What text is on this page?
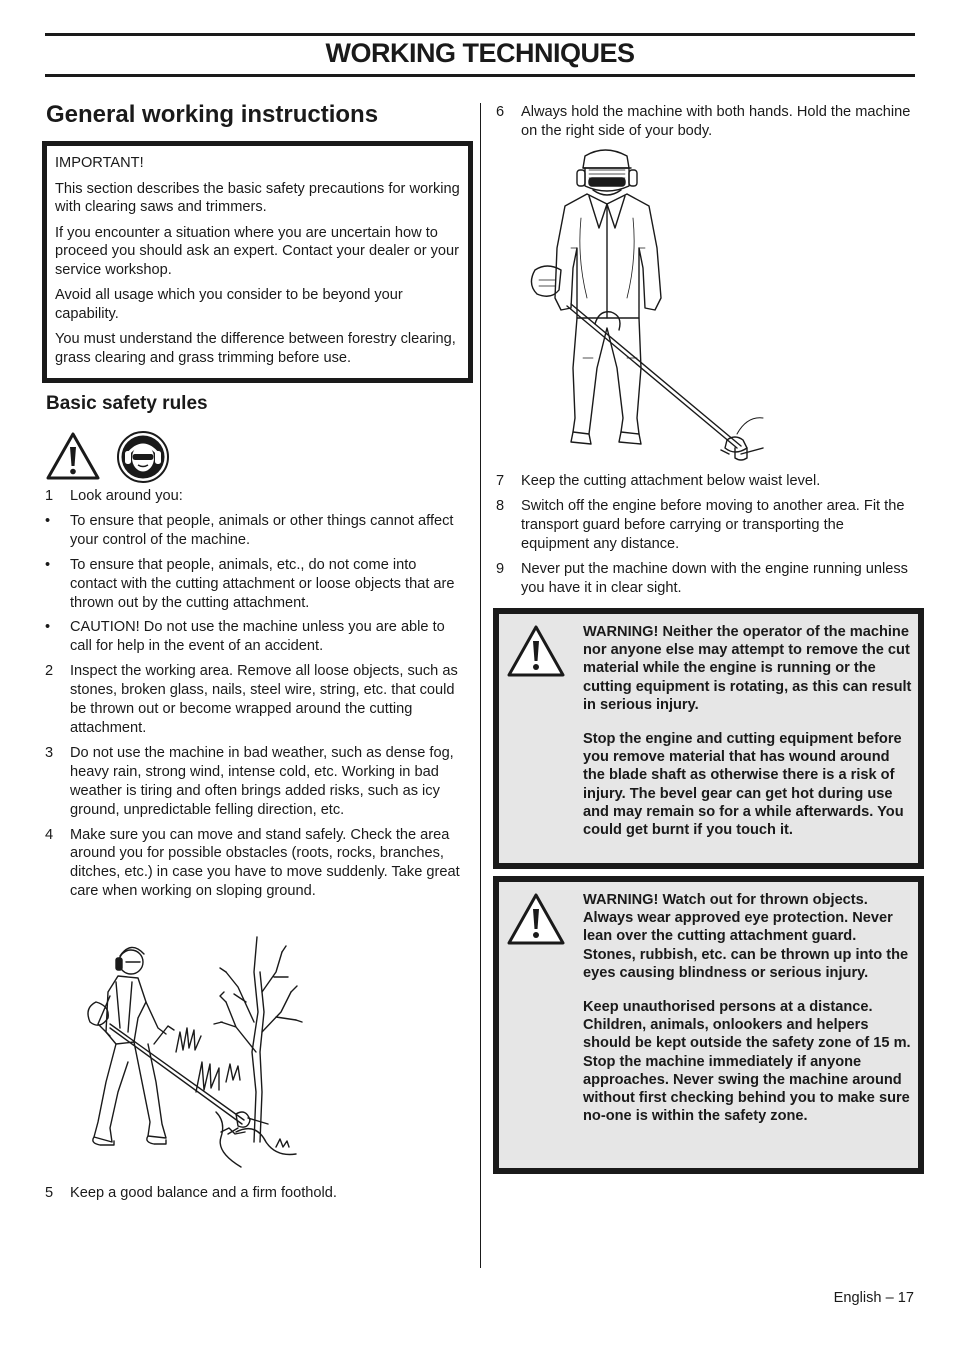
WORKING TECHNIQUES
General working instructions

IMPORTANT!

This section describes the basic safety precautions for working with clearing saws and trimmers.

If you encounter a situation where you are uncertain how to proceed you should ask an expert. Contact your dealer or your service workshop.

Avoid all usage which you consider to be beyond your capability.

You must understand the difference between forestry clearing, grass clearing and grass trimming before use.

Basic safety rules
1	Look around you:
•	To ensure that people, animals or other things cannot affect your control of the machine.
•	To ensure that people, animals, etc., do not come into contact with the cutting attachment or loose objects that are thrown out by the cutting attachment.
•	CAUTION! Do not use the machine unless you are able to call for help in the event of an accident.
2	Inspect the working area. Remove all loose objects, such as stones, broken glass, nails, steel wire, string, etc. that could be thrown out or become wrapped around the cutting attachment.
3	Do not use the machine in bad weather, such as dense fog, heavy rain, strong wind, intense cold, etc. Working in bad weather is tiring and often brings added risks, such as icy ground, unpredictable felling direction, etc.
4	Make sure you can move and stand safely. Check the area around you for possible obstacles (roots, rocks, branches, ditches, etc.) in case you have to move suddenly. Take great care when working on sloping ground.
5	Keep a good balance and a firm foothold.
6	Always hold the machine with both hands. Hold the machine on the right side of your body.
7	Keep the cutting attachment below waist level.
8	Switch off the engine before moving to another area. Fit the transport guard before carrying or transporting the equipment any distance.
9	Never put the machine down with the engine running unless you have it in clear sight.

WARNING! Neither the operator of the machine nor anyone else may attempt to remove the cut material while the engine is running or the cutting equipment is rotating, as this can result in serious injury.

Stop the engine and cutting equipment before you remove material that has wound around the blade shaft as otherwise there is a risk of injury. The bevel gear can get hot during use and may remain so for a while afterwards. You could get burnt if you touch it.

WARNING! Watch out for thrown objects. Always wear approved eye protection. Never lean over the cutting attachment guard. Stones, rubbish, etc. can be thrown up into the eyes causing blindness or serious injury.

Keep unauthorised persons at a distance. Children, animals, onlookers and helpers should be kept outside the safety zone of 15 m. Stop the machine immediately if anyone approaches. Never swing the machine around without first checking behind you to make sure no-one is within the safety zone.

English – 17
